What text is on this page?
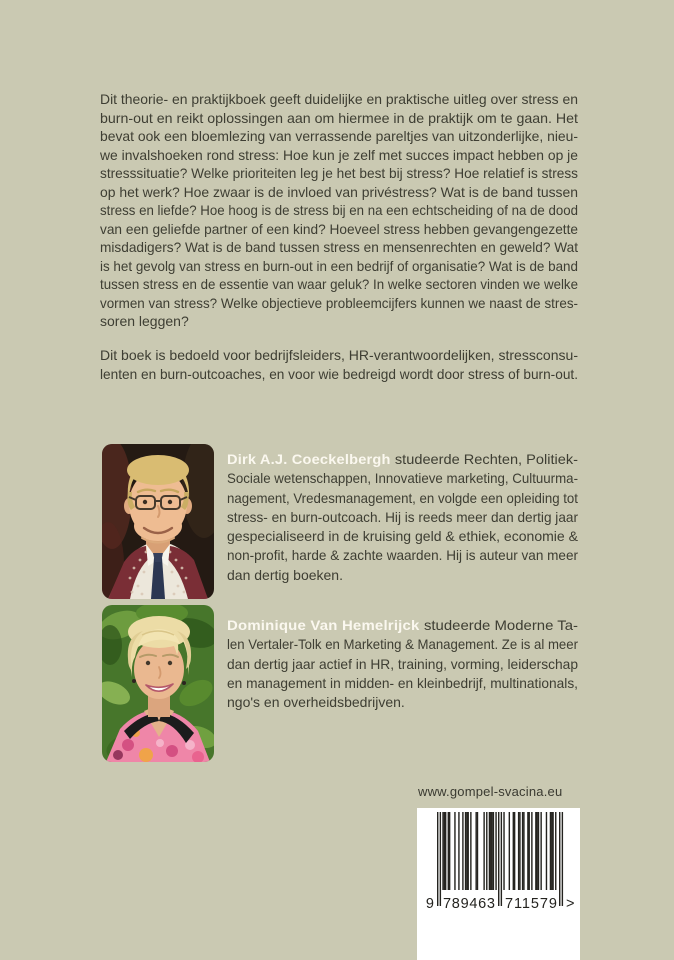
Dit theorie- en praktijkboek geeft duidelijke en praktische uitleg over stress en
burn-out en reikt oplossingen aan om hiermee in de praktijk om te gaan. Het
bevat ook een bloemlezing van verrassende pareltjes van uitzonderlijke, nieu-
we invalshoeken rond stress: Hoe kun je zelf met succes impact hebben op je
stresssituatie? Welke prioriteiten leg je het best bij stress? Hoe relatief is stress
op het werk? Hoe zwaar is de invloed van privéstress? Wat is de band tussen
stress en liefde? Hoe hoog is de stress bij en na een echtscheiding of na de dood
van een geliefde partner of een kind? Hoeveel stress hebben gevangengezette
misdadigers? Wat is de band tussen stress en mensenrechten en geweld? Wat
is het gevolg van stress en burn-out in een bedrijf of organisatie? Wat is de band
tussen stress en de essentie van waar geluk? In welke sectoren vinden we welke
vormen van stress? Welke objectieve probleemcijfers kunnen we naast de stres-
soren leggen?
Dit boek is bedoeld voor bedrijfsleiders, HR-verantwoordelijken, stressconsu-
lenten en burn-outcoaches, en voor wie bedreigd wordt door stress of burn-out.
Dirk A.J. Coeckelbergh studeerde Rechten, Politiek-
Sociale wetenschappen, Innovatieve marketing, Cultuurma-
nagement, Vredesmanagement, en volgde een opleiding tot
stress- en burn-outcoach. Hij is reeds meer dan dertig jaar
gespecialiseerd in de kruising geld & ethiek, economie &
non-profit, harde & zachte waarden. Hij is auteur van meer
dan dertig boeken.
Dominique Van Hemelrijck studeerde Moderne Ta-
len Vertaler-Tolk en Marketing & Management. Ze is al meer
dan dertig jaar actief in HR, training, vorming, leiderschap
en management in midden- en kleinbedrijf, multinationals,
ngo's en overheidsbedrijven.
www.gompel-svacina.eu
9 789463 711579 >
